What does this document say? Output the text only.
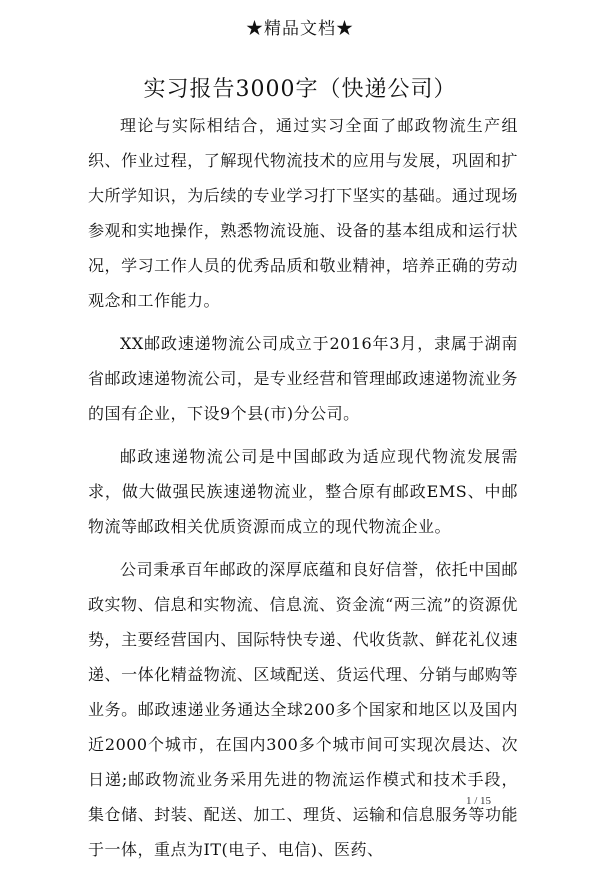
★精品文档★
实习报告3000字（快递公司）

理论与实际相结合，通过实习全面了邮政物流生产组织、作业过程，了解现代物流技术的应用与发展，巩固和扩大所学知识，为后续的专业学习打下坚实的基础。通过现场参观和实地操作，熟悉物流设施、设备的基本组成和运行状况，学习工作人员的优秀品质和敬业精神，培养正确的劳动观念和工作能力。

XX邮政速递物流公司成立于2016年3月，隶属于湖南省邮政速递物流公司，是专业经营和管理邮政速递物流业务的国有企业，下设9个县(市)分公司。

邮政速递物流公司是中国邮政为适应现代物流发展需求，做大做强民族速递物流业，整合原有邮政EMS、中邮物流等邮政相关优质资源而成立的现代物流企业。

公司秉承百年邮政的深厚底蕴和良好信誉，依托中国邮政实物、信息和实物流、信息流、资金流“两三流”的资源优势，主要经营国内、国际特快专递、代收货款、鲜花礼仪速递、一体化精益物流、区域配送、货运代理、分销与邮购等业务。邮政速递业务通达全球200多个国家和地区以及国内近2000个城市，在国内300多个城市间可实现次晨达、次日递;邮政物流业务采用先进的物流运作模式和技术手段，集仓储、封装、配送、加工、理货、运输和信息服务等功能于一体，重点为IT(电子、电信)、医药、

1 / 15
